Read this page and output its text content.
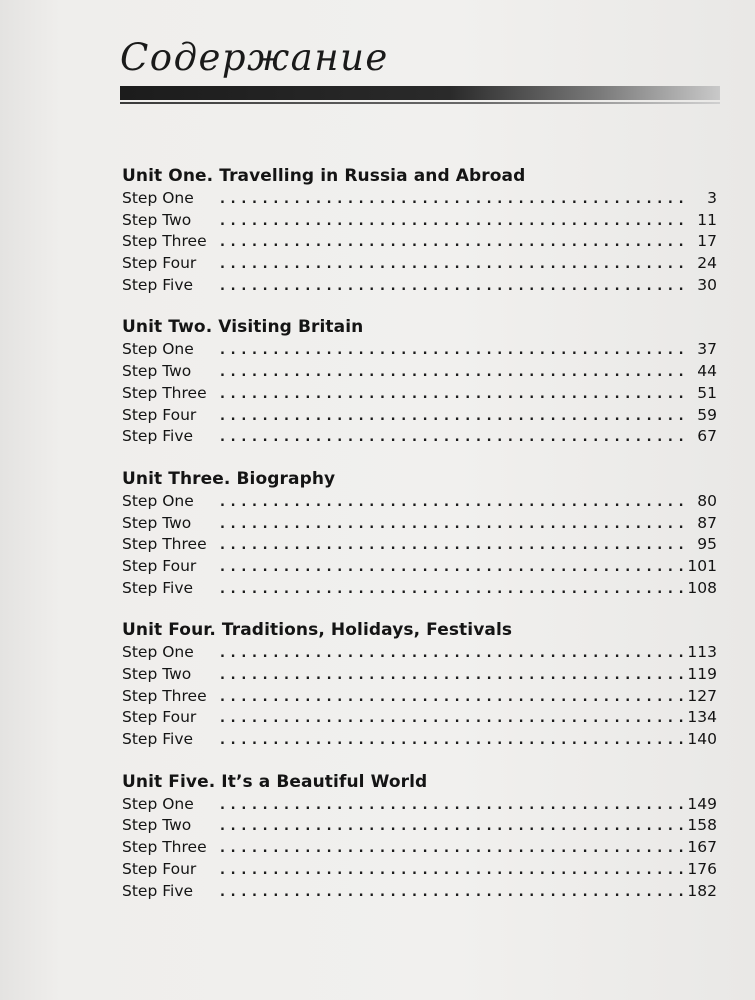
Содержание
Unit One. Travelling in Russia and Abroad
Step One . . .	3
Step Two . . .	11
Step Three . . .	17
Step Four . . .	24
Step Five . . .	30
Unit Two. Visiting Britain
Step One . . .	37
Step Two . . .	44
Step Three . . .	51
Step Four . . .	59
Step Five . . .	67
Unit Three. Biography
Step One . . .	80
Step Two . . .	87
Step Three . . .	95
Step Four . . .	101
Step Five . . .	108
Unit Four. Traditions, Holidays, Festivals
Step One . . .	113
Step Two . . .	119
Step Three . . .	127
Step Four . . .	134
Step Five . . .	140
Unit Five. It’s a Beautiful World
Step One . . .	149
Step Two . . .	158
Step Three . . .	167
Step Four . . .	176
Step Five . . .	182
